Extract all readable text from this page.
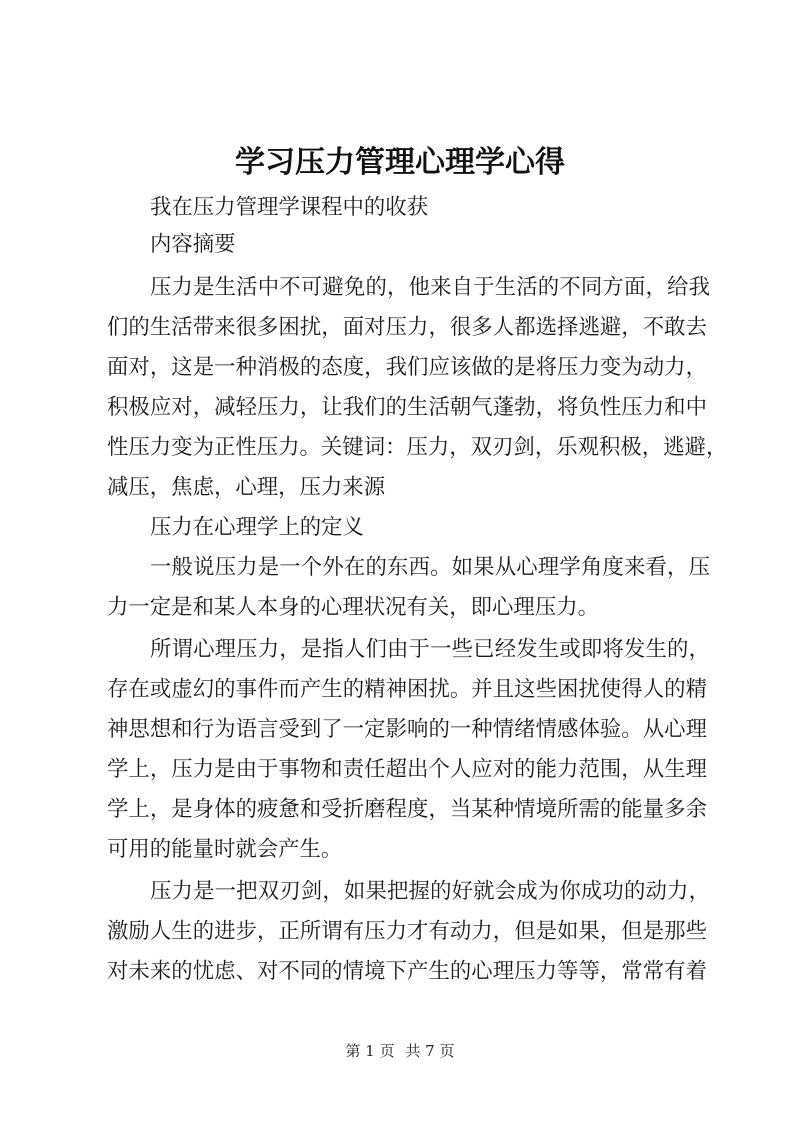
学习压力管理心理学心得
我在压力管理学课程中的收获
内容摘要
压力是生活中不可避免的，他来自于生活的不同方面，给我
们的生活带来很多困扰，面对压力，很多人都选择逃避，不敢去
面对，这是一种消极的态度，我们应该做的是将压力变为动力，
积极应对，减轻压力，让我们的生活朝气蓬勃，将负性压力和中
性压力变为正性压力。关键词：压力，双刃剑，乐观积极，逃避，
减压，焦虑，心理，压力来源
压力在心理学上的定义
一般说压力是一个外在的东西。如果从心理学角度来看，压
力一定是和某人本身的心理状况有关，即心理压力。
所谓心理压力，是指人们由于一些已经发生或即将发生的，
存在或虚幻的事件而产生的精神困扰。并且这些困扰使得人的精
神思想和行为语言受到了一定影响的一种情绪情感体验。从心理
学上，压力是由于事物和责任超出个人应对的能力范围，从生理
学上，是身体的疲惫和受折磨程度，当某种情境所需的能量多余
可用的能量时就会产生。
压力是一把双刃剑，如果把握的好就会成为你成功的动力，
激励人生的进步，正所谓有压力才有动力，但是如果，但是那些
对未来的忧虑、对不同的情境下产生的心理压力等等，常常有着
第 1 页 共 7 页
